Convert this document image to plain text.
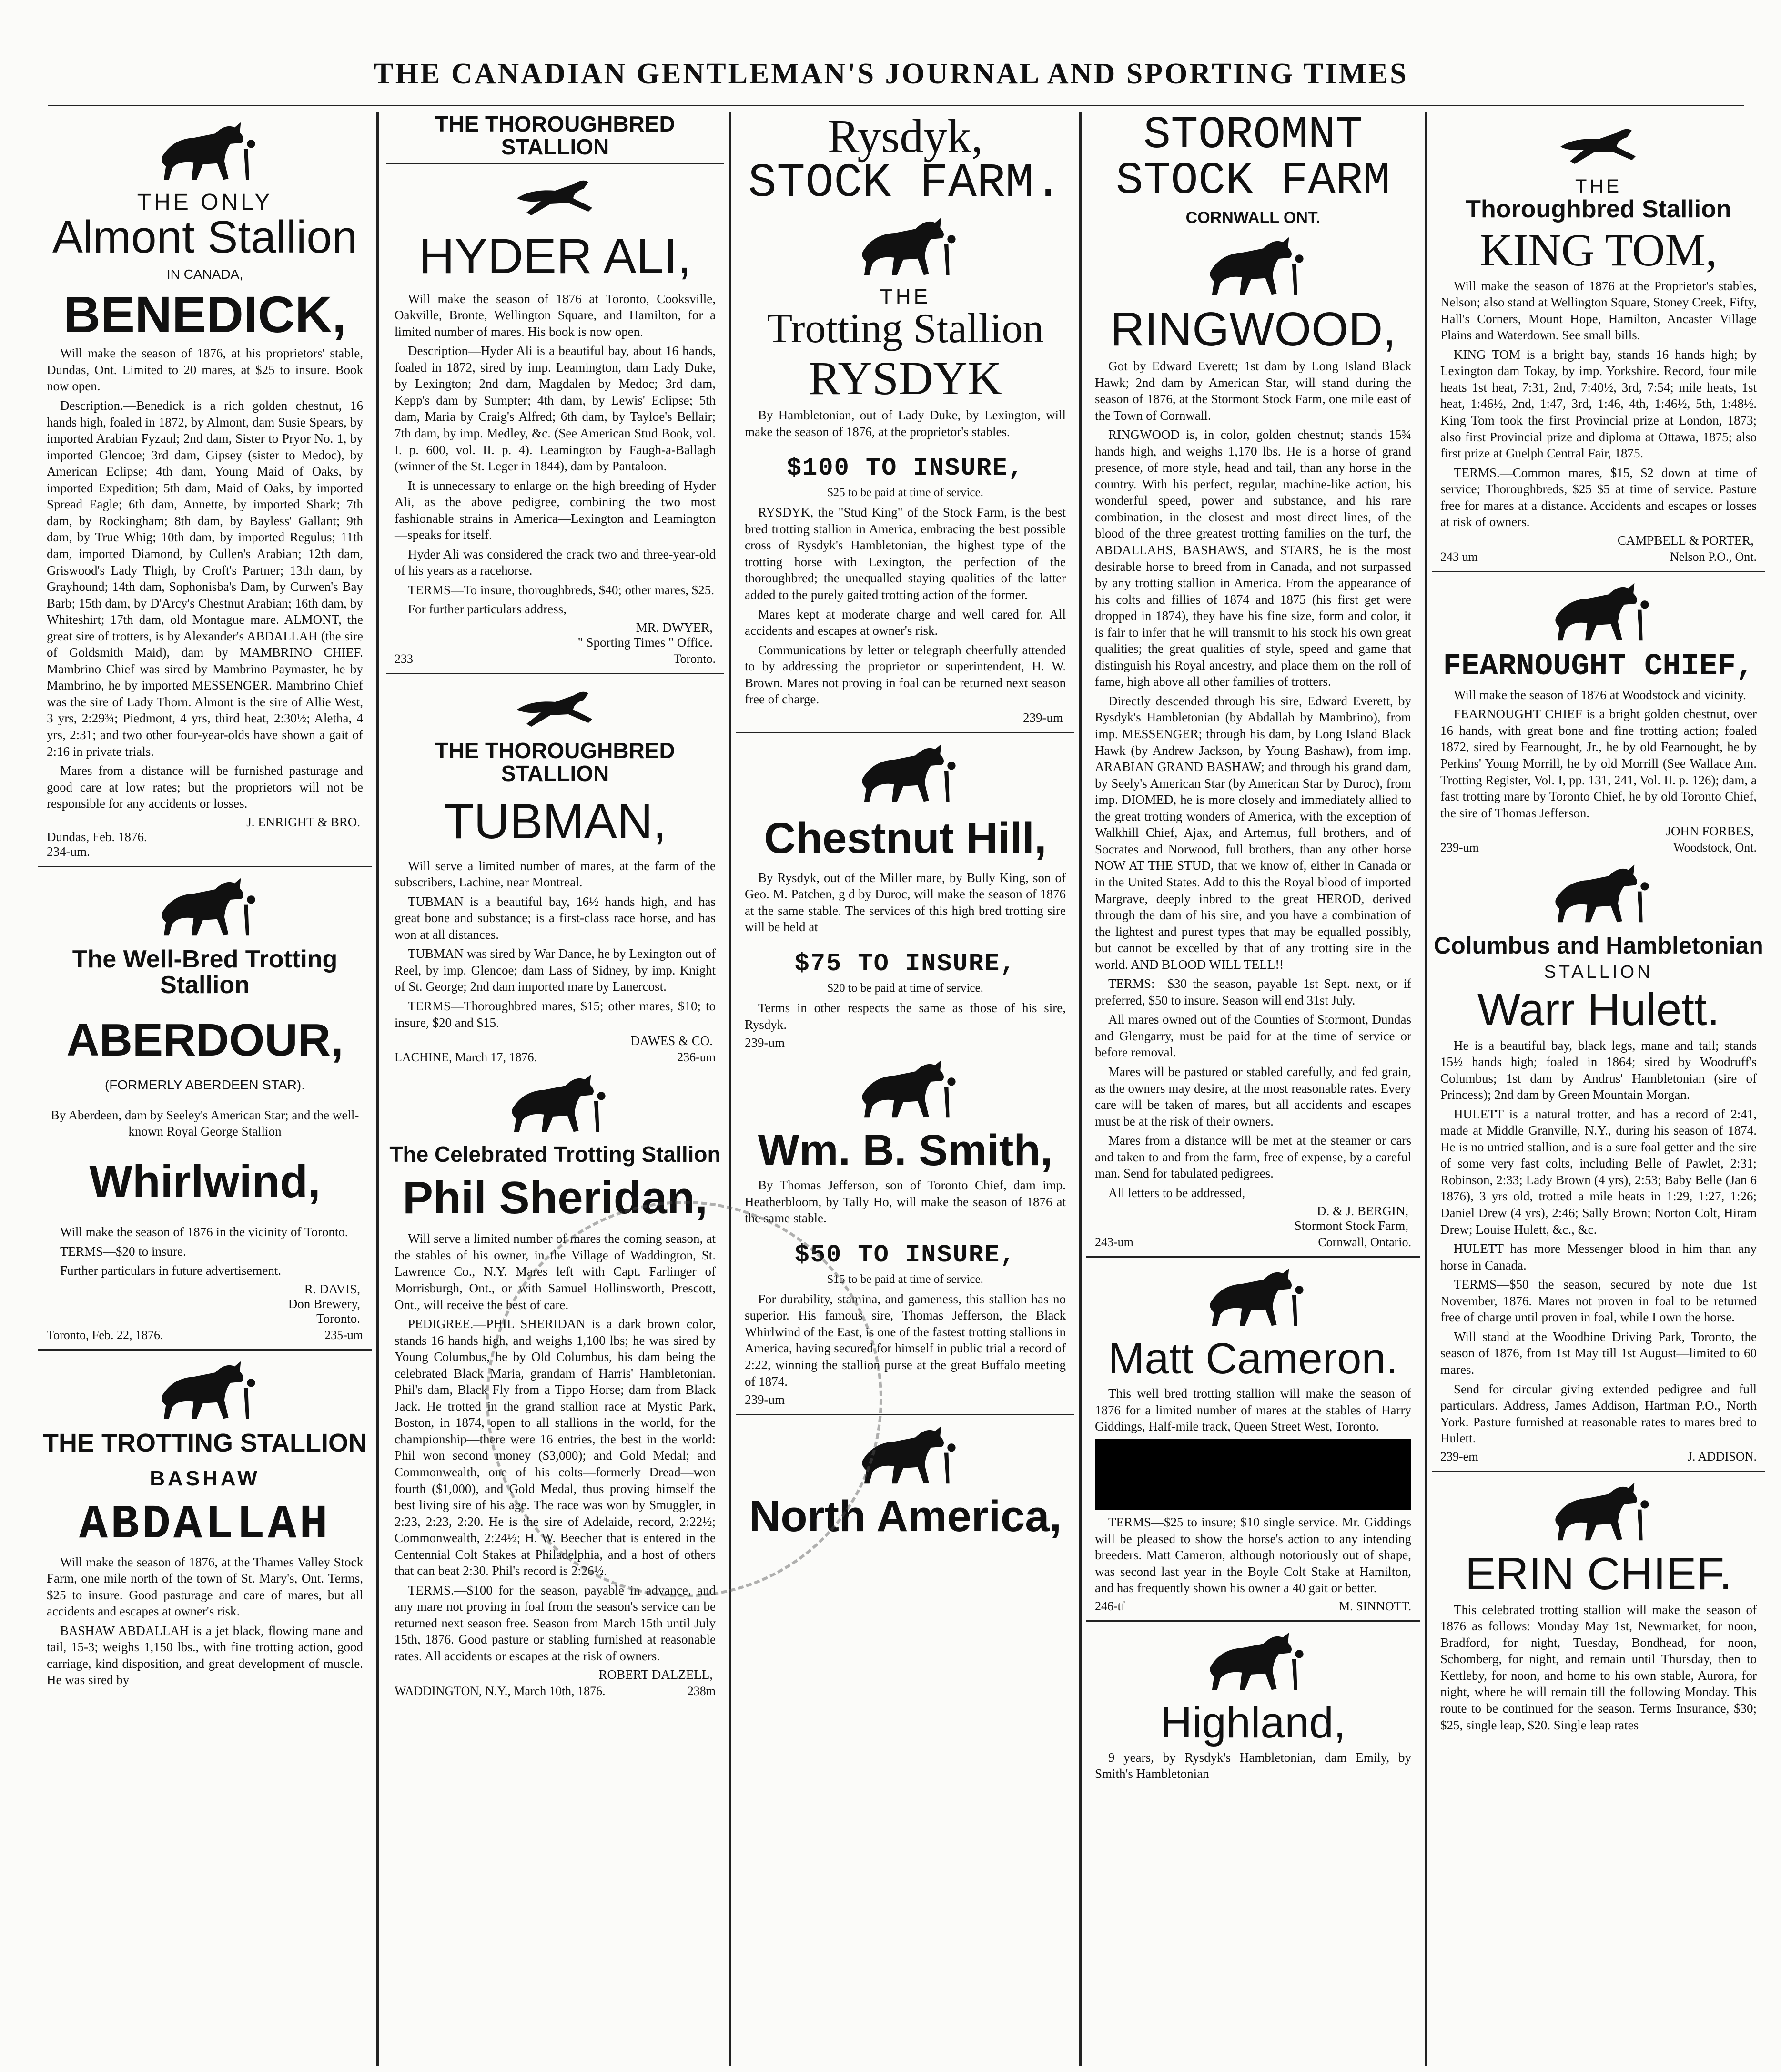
THE CANADIAN GENTLEMAN'S JOURNAL AND SPORTING TIMES
THE ONLY
Almont Stallion
IN CANADA,
BENEDICK,

Will make the season of 1876, at his proprietors' stable, Dundas, Ont. Limited to 20 mares, at $25 to insure. Book now open.

Description.—Benedick is a rich golden chestnut, 16 hands high, foaled in 1872, by Almont, dam Susie Spears, by imported Arabian Fyzaul; 2nd dam, Sister to Pryor No. 1, by imported Glencoe; 3rd dam, Gipsey (sister to Medoc), by American Eclipse; 4th dam, Young Maid of Oaks, by imported Expedition; 5th dam, Maid of Oaks, by imported Spread Eagle; 6th dam, Annette, by imported Shark; 7th dam, by Rockingham; 8th dam, by Bayless' Gallant; 9th dam, by True Whig; 10th dam, by imported Regulus; 11th dam, imported Diamond, by Cullen's Arabian; 12th dam, Griswood's Lady Thigh, by Croft's Partner; 13th dam, by Grayhound; 14th dam, Sophonisba's Dam, by Curwen's Bay Barb; 15th dam, by D'Arcy's Chestnut Arabian; 16th dam, by Whiteshirt; 17th dam, old Montague mare. ALMONT, the great sire of trotters, is by Alexander's ABDALLAH (the sire of Goldsmith Maid), dam by MAMBRINO CHIEF. Mambrino Chief was sired by Mambrino Paymaster, he by Mambrino, he by imported MESSENGER. Mambrino Chief was the sire of Lady Thorn. Almont is the sire of Allie West, 3 yrs, 2:29¾; Piedmont, 4 yrs, third heat, 2:30½; Aletha, 4 yrs, 2:31; and two other four-year-olds have shown a gait of 2:16 in private trials.

Mares from a distance will be furnished pasturage and good care at low rates; but the proprietors will not be responsible for any accidents or losses.

J. ENRIGHT & BRO.
Dundas, Feb. 1876.
234-um.
The Well-Bred Trotting Stallion
ABERDOUR,
(FORMERLY ABERDEEN STAR).

By Aberdeen, dam by Seeley's American Star; and the well-known Royal George Stallion

Whirlwind,

Will make the season of 1876 in the vicinity of Toronto.

TERMS—$20 to insure.

Further particulars in future advertisement.

R. DAVIS,
Don Brewery,
Toronto.
Toronto, Feb. 22, 1876.	235-um
THE TROTTING STALLION
BASHAW
ABDALLAH

Will make the season of 1876, at the Thames Valley Stock Farm, one mile north of the town of St. Mary's, Ont. Terms, $25 to insure. Good pasturage and care of mares, but all accidents and escapes at owner's risk.

BASHAW ABDALLAH is a jet black, flowing mane and tail, 15-3; weighs 1,150 lbs., with fine trotting action, good carriage, kind disposition, and great development of muscle. He was sired by

THE THOROUGHBRED STALLION
HYDER ALI,

Will make the season of 1876 at Toronto, Cooksville, Oakville, Bronte, Wellington Square, and Hamilton, for a limited number of mares. His book is now open.

Description—Hyder Ali is a beautiful bay, about 16 hands, foaled in 1872, sired by imp. Leamington, dam Lady Duke, by Lexington; 2nd dam, Magdalen by Medoc; 3rd dam, Kepp's dam by Sumpter; 4th dam, by Lewis' Eclipse; 5th dam, Maria by Craig's Alfred; 6th dam, by Tayloe's Bellair; 7th dam, by imp. Medley, &c. (See American Stud Book, vol. I. p. 600, vol. II. p. 4). Leamington by Faugh-a-Ballagh (winner of the St. Leger in 1844), dam by Pantaloon.

It is unnecessary to enlarge on the high breeding of Hyder Ali, as the above pedigree, combining the two most fashionable strains in America—Lexington and Leamington—speaks for itself.

Hyder Ali was considered the crack two and three-year-old of his years as a racehorse.

TERMS—To insure, thoroughbreds, $40; other mares, $25.

For further particulars address,

MR. DWYER,
" Sporting Times " Office.
233	Toronto.
THE THOROUGHBRED STALLION
TUBMAN,

Will serve a limited number of mares, at the farm of the subscribers, Lachine, near Montreal.

TUBMAN is a beautiful bay, 16½ hands high, and has great bone and substance; is a first-class race horse, and has won at all distances.

TUBMAN was sired by War Dance, he by Lexington out of Reel, by imp. Glencoe; dam Lass of Sidney, by imp. Knight of St. George; 2nd dam imported mare by Lanercost.

TERMS—Thoroughbred mares, $15; other mares, $10; to insure, $20 and $15.

DAWES & CO.
LACHINE, March 17, 1876.	236-um
The Celebrated Trotting Stallion
Phil Sheridan,

Will serve a limited number of mares the coming season, at the stables of his owner, in the Village of Waddington, St. Lawrence Co., N.Y. Mares left with Capt. Farlinger of Morrisburgh, Ont., or with Samuel Hollinsworth, Prescott, Ont., will receive the best of care.

PEDIGREE.—PHIL SHERIDAN is a dark brown color, stands 16 hands high, and weighs 1,100 lbs; he was sired by Young Columbus, he by Old Columbus, his dam being the celebrated Black Maria, grandam of Harris' Hambletonian. Phil's dam, Black Fly from a Tippo Horse; dam from Black Jack. He trotted in the grand stallion race at Mystic Park, Boston, in 1874, open to all stallions in the world, for the championship—there were 16 entries, the best in the world: Phil won second money ($3,000); and Gold Medal; and Commonwealth, one of his colts—formerly Dread—won fourth ($1,000), and Gold Medal, thus proving himself the best living sire of his age. The race was won by Smuggler, in 2:23, 2:23, 2:20. He is the sire of Adelaide, record, 2:22½; Commonwealth, 2:24½; H. W. Beecher that is entered in the Centennial Colt Stakes at Philadelphia, and a host of others that can beat 2:30. Phil's record is 2:26½.

TERMS.—$100 for the season, payable in advance, and any mare not proving in foal from the season's service can be returned next season free. Season from March 15th until July 15th, 1876. Good pasture or stabling furnished at reasonable rates. All accidents or escapes at the risk of owners.

ROBERT DALZELL,
WADDINGTON, N.Y., March 10th, 1876.	238m
Rysdyk,
STOCK FARM.
THE
Trotting Stallion
RYSDYK

By Hambletonian, out of Lady Duke, by Lexington, will make the season of 1876, at the proprietor's stables.

$100 TO INSURE,
$25 to be paid at time of service.

RYSDYK, the "Stud King" of the Stock Farm, is the best bred trotting stallion in America, embracing the best possible cross of Rysdyk's Hambletonian, the highest type of the trotting horse with Lexington, the perfection of the thoroughbred; the unequalled staying qualities of the latter added to the purely gaited trotting action of the former.

Mares kept at moderate charge and well cared for. All accidents and escapes at owner's risk.

Communications by letter or telegraph cheerfully attended to by addressing the proprietor or superintendent, H. W. Brown. Mares not proving in foal can be returned next season free of charge.

239-um
Chestnut Hill,

By Rysdyk, out of the Miller mare, by Bully King, son of Geo. M. Patchen, g d by Duroc, will make the season of 1876 at the same stable. The services of this high bred trotting sire will be held at

$75 TO INSURE,
$20 to be paid at time of service.

Terms in other respects the same as those of his sire, Rysdyk.

239-um
Wm. B. Smith,

By Thomas Jefferson, son of Toronto Chief, dam imp. Heatherbloom, by Tally Ho, will make the season of 1876 at the same stable.

$50 TO INSURE,
$15 to be paid at time of service.

For durability, stamina, and gameness, this stallion has no superior. His famous sire, Thomas Jefferson, the Black Whirlwind of the East, is one of the fastest trotting stallions in America, having secured for himself in public trial a record of 2:22, winning the stallion purse at the great Buffalo meeting of 1874.

239-um
North America,
STOROMNT
STOCK FARM
CORNWALL ONT.
RINGWOOD,

Got by Edward Everett; 1st dam by Long Island Black Hawk; 2nd dam by American Star, will stand during the season of 1876, at the Stormont Stock Farm, one mile east of the Town of Cornwall.

RINGWOOD is, in color, golden chestnut; stands 15¾ hands high, and weighs 1,170 lbs. He is a horse of grand presence, of more style, head and tail, than any horse in the country. With his perfect, regular, machine-like action, his wonderful speed, power and substance, and his rare combination, in the closest and most direct lines, of the blood of the three greatest trotting families on the turf, the ABDALLAHS, BASHAWS, and STARS, he is the most desirable horse to breed from in Canada, and not surpassed by any trotting stallion in America. From the appearance of his colts and fillies of 1874 and 1875 (his first get were dropped in 1874), they have his fine size, form and color, it is fair to infer that he will transmit to his stock his own great qualities; the great qualities of style, speed and game that distinguish his Royal ancestry, and place them on the roll of fame, high above all other families of trotters.

Directly descended through his sire, Edward Everett, by Rysdyk's Hambletonian (by Abdallah by Mambrino), from imp. MESSENGER; through his dam, by Long Island Black Hawk (by Andrew Jackson, by Young Bashaw), from imp. ARABIAN GRAND BASHAW; and through his grand dam, by Seely's American Star (by American Star by Duroc), from imp. DIOMED, he is more closely and immediately allied to the great trotting wonders of America, with the exception of Walkhill Chief, Ajax, and Artemus, full brothers, and of Socrates and Norwood, full brothers, than any other horse NOW AT THE STUD, that we know of, either in Canada or in the United States. Add to this the Royal blood of imported Margrave, deeply inbred to the great HEROD, derived through the dam of his sire, and you have a combination of the lightest and purest types that may be equalled possibly, but cannot be excelled by that of any trotting sire in the world. AND BLOOD WILL TELL!!

TERMS:—$30 the season, payable 1st Sept. next, or if preferred, $50 to insure. Season will end 31st July.

All mares owned out of the Counties of Stormont, Dundas and Glengarry, must be paid for at the time of service or before removal.

Mares will be pastured or stabled carefully, and fed grain, as the owners may desire, at the most reasonable rates. Every care will be taken of mares, but all accidents and escapes must be at the risk of their owners.

Mares from a distance will be met at the steamer or cars and taken to and from the farm, free of expense, by a careful man. Send for tabulated pedigrees.

All letters to be addressed,

D. & J. BERGIN,
Stormont Stock Farm,
243-um	Cornwall, Ontario.
Matt Cameron.

This well bred trotting stallion will make the season of 1876 for a limited number of mares at the stables of Harry Giddings, Half-mile track, Queen Street West, Toronto.

TERMS—$25 to insure; $10 single service. Mr. Giddings will be pleased to show the horse's action to any intending breeders. Matt Cameron, although notoriously out of shape, was second last year in the Boyle Colt Stake at Hamilton, and has frequently shown his owner a 40 gait or better.

246-tf	M. SINNOTT.
Highland,

9 years, by Rysdyk's Hambletonian, dam Emily, by Smith's Hambletonian

THE
Thoroughbred Stallion
KING TOM,

Will make the season of 1876 at the Proprietor's stables, Nelson; also stand at Wellington Square, Stoney Creek, Fifty, Hall's Corners, Mount Hope, Hamilton, Ancaster Village Plains and Waterdown. See small bills.

KING TOM is a bright bay, stands 16 hands high; by Lexington dam Tokay, by imp. Yorkshire. Record, four mile heats 1st heat, 7:31, 2nd, 7:40½, 3rd, 7:54; mile heats, 1st heat, 1:46½, 2nd, 1:47, 3rd, 1:46, 4th, 1:46½, 5th, 1:48½. King Tom took the first Provincial prize at London, 1873; also first Provincial prize and diploma at Ottawa, 1875; also first prize at Guelph Central Fair, 1875.

TERMS.—Common mares, $15, $2 down at time of service; Thoroughbreds, $25 $5 at time of service. Pasture free for mares at a distance. Accidents and escapes or losses at risk of owners.

CAMPBELL & PORTER,
243 um	Nelson P.O., Ont.
FEARNOUGHT CHIEF,

Will make the season of 1876 at Woodstock and vicinity.

FEARNOUGHT CHIEF is a bright golden chestnut, over 16 hands, with great bone and fine trotting action; foaled 1872, sired by Fearnought, Jr., he by old Fearnought, he by Perkins' Young Morrill, he by old Morrill (See Wallace Am. Trotting Register, Vol. I, pp. 131, 241, Vol. II. p. 126); dam, a fast trotting mare by Toronto Chief, he by old Toronto Chief, the sire of Thomas Jefferson.

JOHN FORBES,
239-um	Woodstock, Ont.
Columbus and Hambletonian
STALLION
Warr Hulett.

He is a beautiful bay, black legs, mane and tail; stands 15½ hands high; foaled in 1864; sired by Woodruff's Columbus; 1st dam by Andrus' Hambletonian (sire of Princess); 2nd dam by Green Mountain Morgan.

HULETT is a natural trotter, and has a record of 2:41, made at Middle Granville, N.Y., during his season of 1874. He is no untried stallion, and is a sure foal getter and the sire of some very fast colts, including Belle of Pawlet, 2:31; Robinson, 2:33; Lady Brown (4 yrs), 2:53; Baby Belle (Jan 6 1876), 3 yrs old, trotted a mile heats in 1:29, 1:27, 1:26; Daniel Drew (4 yrs), 2:46; Sally Brown; Norton Colt, Hiram Drew; Louise Hulett, &c., &c.

HULETT has more Messenger blood in him than any horse in Canada.

TERMS—$50 the season, secured by note due 1st November, 1876. Mares not proven in foal to be returned free of charge until proven in foal, while I own the horse.

Will stand at the Woodbine Driving Park, Toronto, the season of 1876, from 1st May till 1st August—limited to 60 mares.

Send for circular giving extended pedigree and full particulars. Address, James Addison, Hartman P.O., North York. Pasture furnished at reasonable rates to mares bred to Hulett.

239-em	J. ADDISON.
ERIN CHIEF.

This celebrated trotting stallion will make the season of 1876 as follows: Monday May 1st, Newmarket, for noon, Bradford, for night, Tuesday, Bondhead, for noon, Schomberg, for night, and remain until Thursday, then to Kettleby, for noon, and home to his own stable, Aurora, for night, where he will remain till the following Monday. This route to be continued for the season. Terms Insurance, $30; $25, single leap, $20. Single leap rates
